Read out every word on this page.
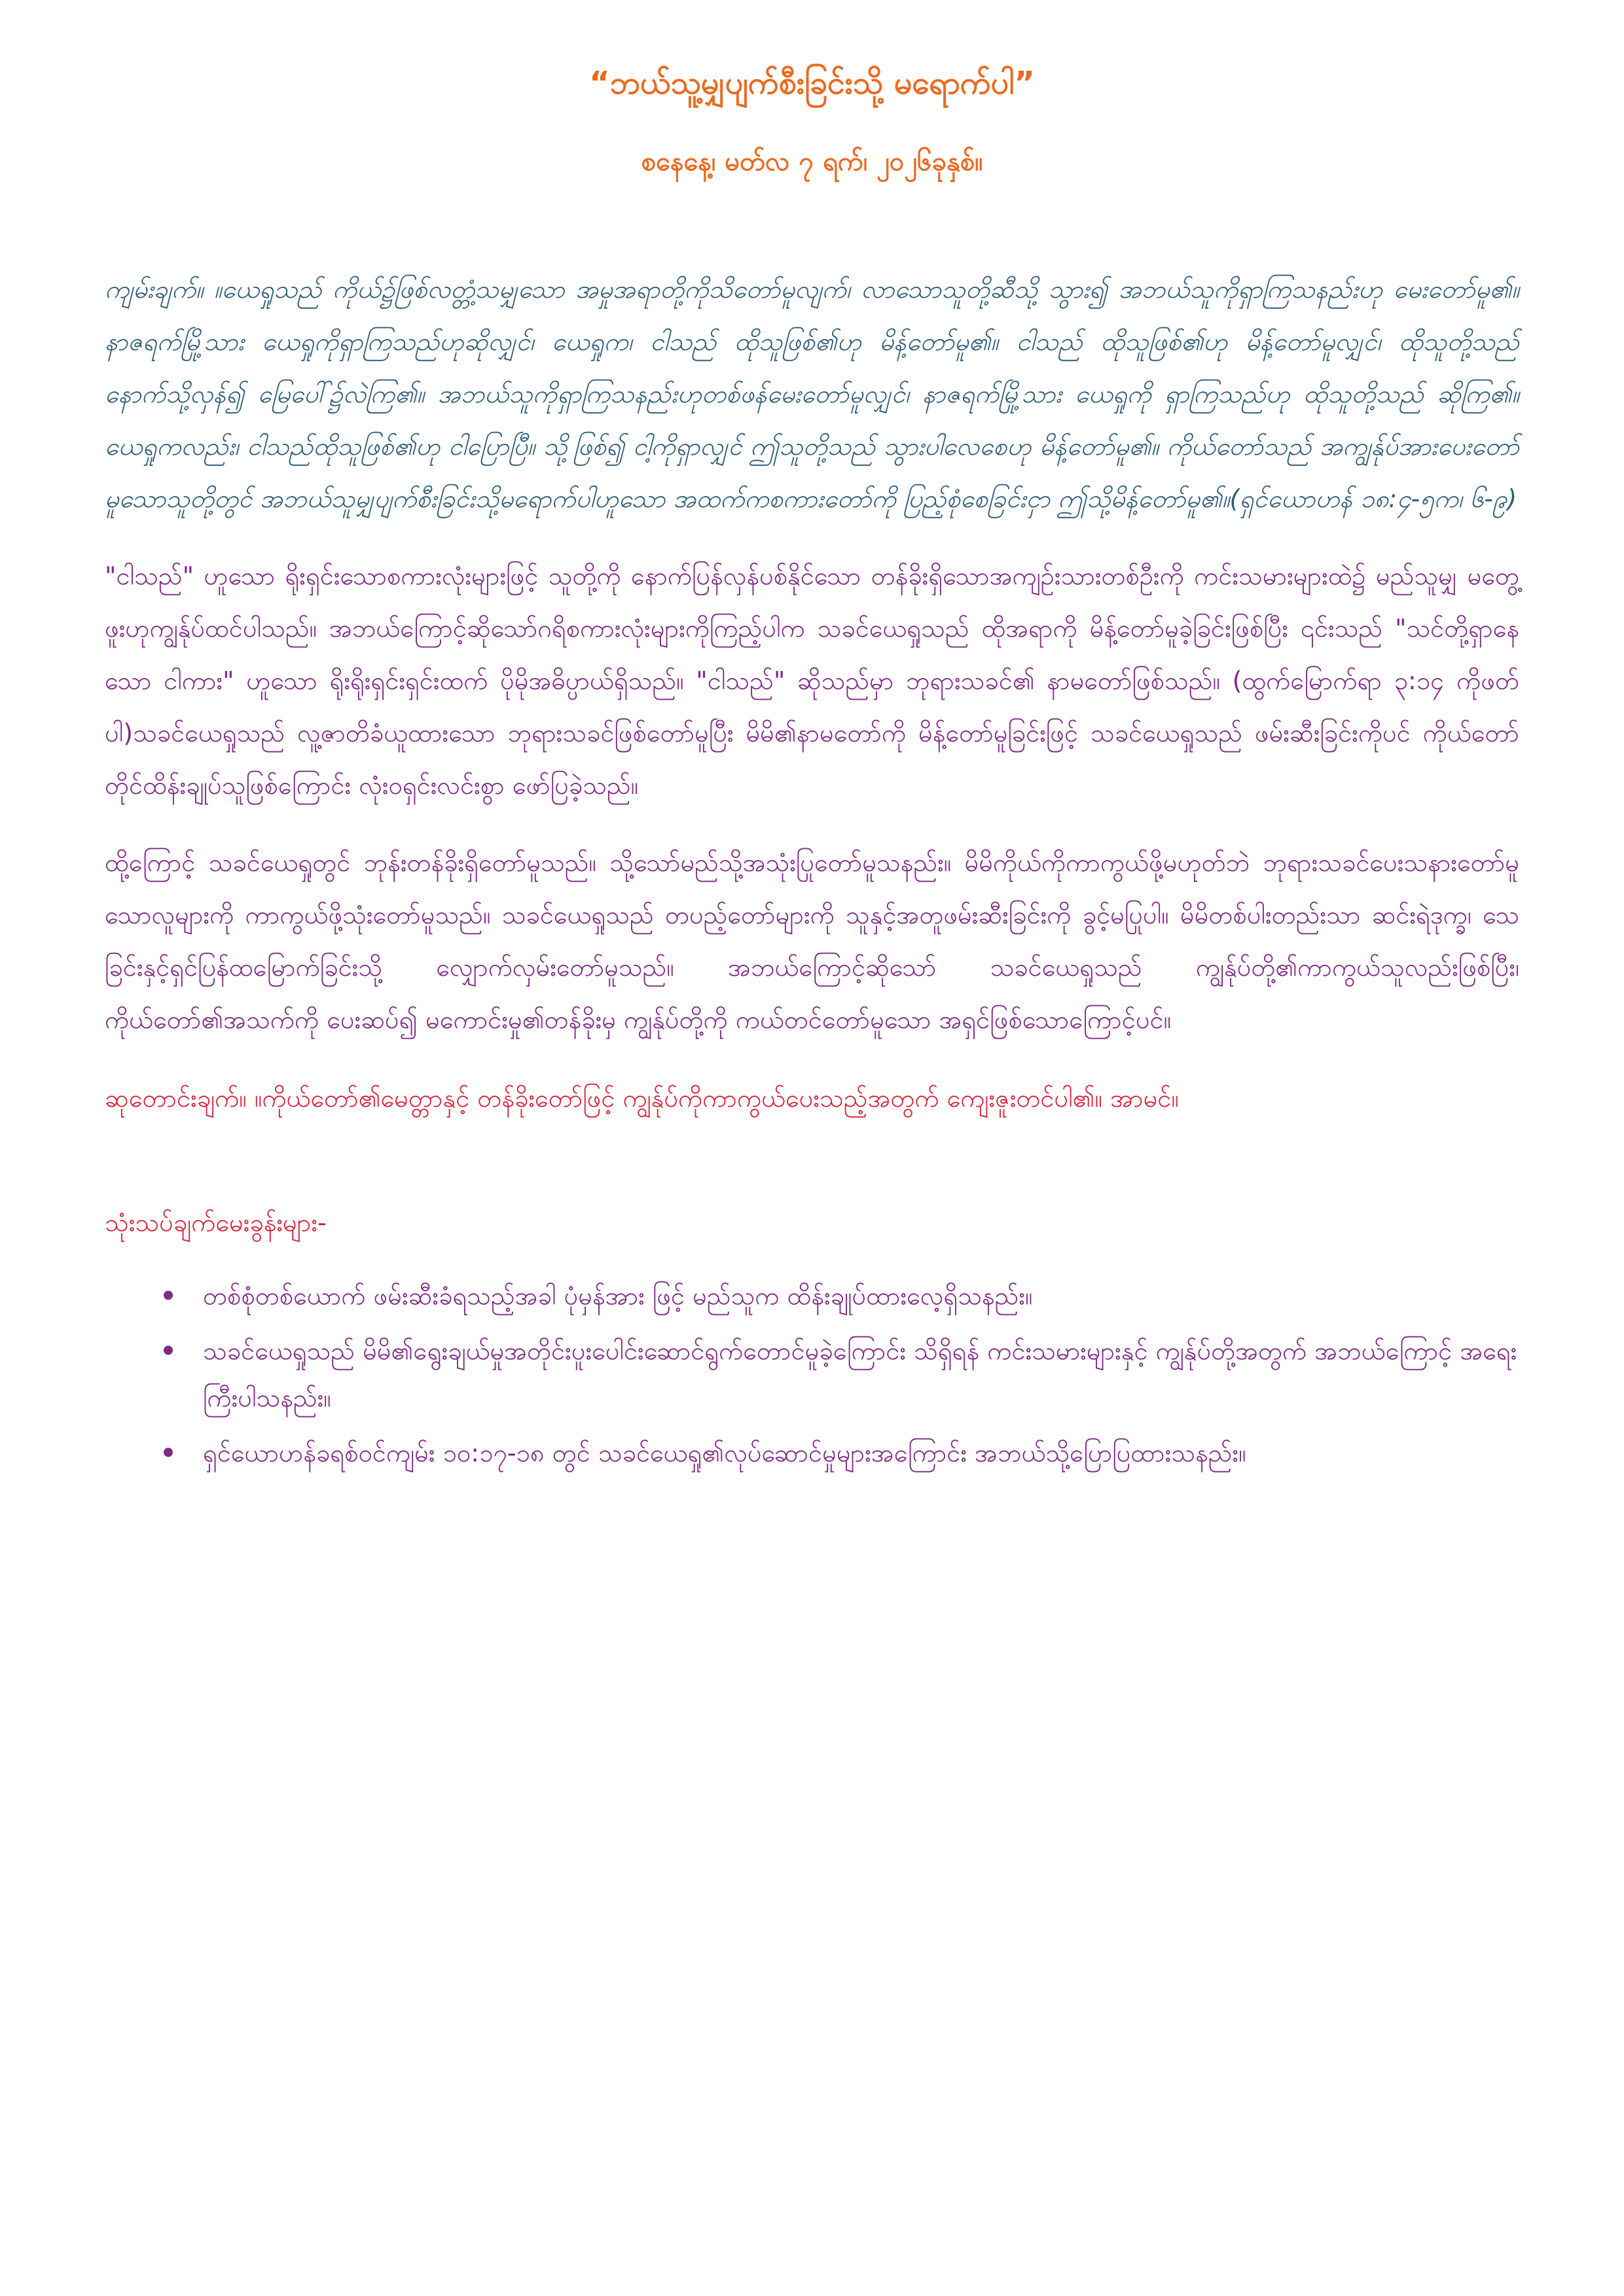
“ဘယ်သူ့မျှပျက်စီးခြင်းသို့ မရောက်ပါ”
စနေနေ့၊ မတ်လ ၇ ရက်၊ ၂၀၂၆ခုနှစ်။

ကျမ်းချက်။ ။ယေရှုသည် ကိုယ်၌ဖြစ်လတ္တံ့သမျှသော အမှုအရာတို့ကိုသိတော်မူလျက်၊ လာသောသူတို့ဆီသို့ သွား၍ အဘယ်သူကိုရှာကြသနည်းဟု မေးတော်မူ၏။ နာဇရက်မြို့သား ယေရှုကိုရှာကြသည်ဟုဆိုလျှင်၊ ယေရှုက၊ ငါသည် ထိုသူဖြစ်၏ဟု မိန့်တော်မူ၏။ ငါသည် ထိုသူဖြစ်၏ဟု မိန့်တော်မူလျှင်၊ ထိုသူတို့သည် နောက်သို့လှန်၍ မြေပေါ်၌လဲကြ၏။ အဘယ်သူကိုရှာကြသနည်းဟုတစ်ဖန်မေးတော်မူလျှင်၊ နာဇရက်မြို့သား ယေရှုကို ရှာကြသည်ဟု ထိုသူတို့သည် ဆိုကြ၏။ ယေရှုကလည်း၊ ငါသည်ထိုသူဖြစ်၏ဟု ငါပြောပြီ။ သို့ဖြစ်၍ ငါ့ကိုရှာလျှင် ဤသူတို့သည် သွားပါလေစေဟု မိန့်တော်မူ၏။ ကိုယ်တော်သည် အကျွန်ုပ်အားပေးတော်မူသောသူတို့တွင် အဘယ်သူမျှပျက်စီးခြင်းသို့မရောက်ပါဟူသော အထက်ကစကားတော်ကို ပြည့်စုံစေခြင်းငှာ ဤသို့မိန့်တော်မူ၏။(ရှင်ယောဟန် ၁၈:၄-၅က၊ ၆-၉)

"ငါသည်" ဟူသော ရိုးရှင်းသောစကားလုံးများဖြင့် သူတို့ကို နောက်ပြန်လှန်ပစ်နိုင်သော တန်ခိုးရှိသောအကျဉ်းသားတစ်ဦးကို ကင်းသမားများထဲ၌ မည်သူမျှ မတွေ့ဖူးဟုကျွန်ုပ်ထင်ပါသည်။ အဘယ်ကြောင့်ဆိုသော်ဂရိစကားလုံးများကိုကြည့်ပါက သခင်ယေရှုသည် ထိုအရာကို မိန့်တော်မူခဲ့ခြင်းဖြစ်ပြီး ၎င်းသည် "သင်တို့ရှာနေသော ငါကား" ဟူသော ရိုးရိုးရှင်းရှင်းထက် ပိုမိုအဓိပ္ပာယ်ရှိသည်။ "ငါသည်" ဆိုသည်မှာ ဘုရားသခင်၏ နာမတော်ဖြစ်သည်။ (ထွက်မြောက်ရာ ၃:၁၄ ကိုဖတ်ပါ)သခင်ယေရှုသည် လူ့ဇာတိခံယူထားသော ဘုရားသခင်ဖြစ်တော်မူပြီး မိမိ၏နာမတော်ကို မိန့်တော်မူခြင်းဖြင့် သခင်ယေရှုသည် ဖမ်းဆီးခြင်းကိုပင် ကိုယ်တော်တိုင်ထိန်းချုပ်သူဖြစ်ကြောင်း လုံးဝရှင်းလင်းစွာ ဖော်ပြခဲ့သည်။

ထို့ကြောင့် သခင်ယေရှုတွင် ဘုန်းတန်ခိုးရှိတော်မူသည်။ သို့သော်မည်သို့အသုံးပြုတော်မူသနည်း။ မိမိကိုယ်ကိုကာကွယ်ဖို့မဟုတ်ဘဲ ဘုရားသခင်ပေးသနားတော်မူသောလူများကို ကာကွယ်ဖို့သုံးတော်မူသည်။ သခင်ယေရှုသည် တပည့်တော်များကို သူနှင့်အတူဖမ်းဆီးခြင်းကို ခွင့်မပြုပါ။ မိမိတစ်ပါးတည်းသာ ဆင်းရဲဒုက္ခ၊ သေခြင်းနှင့်ရှင်ပြန်ထမြောက်ခြင်းသို့ လျှောက်လှမ်းတော်မူသည်။ အဘယ်ကြောင့်ဆိုသော် သခင်ယေရှုသည် ကျွန်ုပ်တို့၏ကာကွယ်သူလည်းဖြစ်ပြီး၊ ကိုယ်တော်၏အသက်ကို ပေးဆပ်၍ မကောင်းမှု၏တန်ခိုးမှ ကျွန်ုပ်တို့ကို ကယ်တင်တော်မူသော အရှင်ဖြစ်သောကြောင့်ပင်။

ဆုတောင်းချက်။ ။ကိုယ်တော်၏မေတ္တာနှင့် တန်ခိုးတော်ဖြင့် ကျွန်ုပ်ကိုကာကွယ်ပေးသည့်အတွက် ကျေးဇူးတင်ပါ၏။ အာမင်။

သုံးသပ်ချက်မေးခွန်းများ-

တစ်စုံတစ်ယောက် ဖမ်းဆီးခံရသည့်အခါ ပုံမှန်အား ဖြင့် မည်သူက ထိန်းချုပ်ထားလေ့ရှိသနည်း။
သခင်ယေရှုသည် မိမိ၏ရွေးချယ်မှုအတိုင်းပူးပေါင်းဆောင်ရွက်တောင်မူခဲ့ကြောင်း သိရှိရန် ကင်းသမားများနှင့် ကျွန်ုပ်တို့အတွက် အဘယ်ကြောင့် အရေး ကြီးပါသနည်း။
ရှင်ယောဟန်ခရစ်ဝင်ကျမ်း ၁၀:၁၇-၁၈ တွင် သခင်ယေရှု၏လုပ်ဆောင်မှုများအကြောင်း အဘယ်သို့ပြောပြထားသနည်း။
